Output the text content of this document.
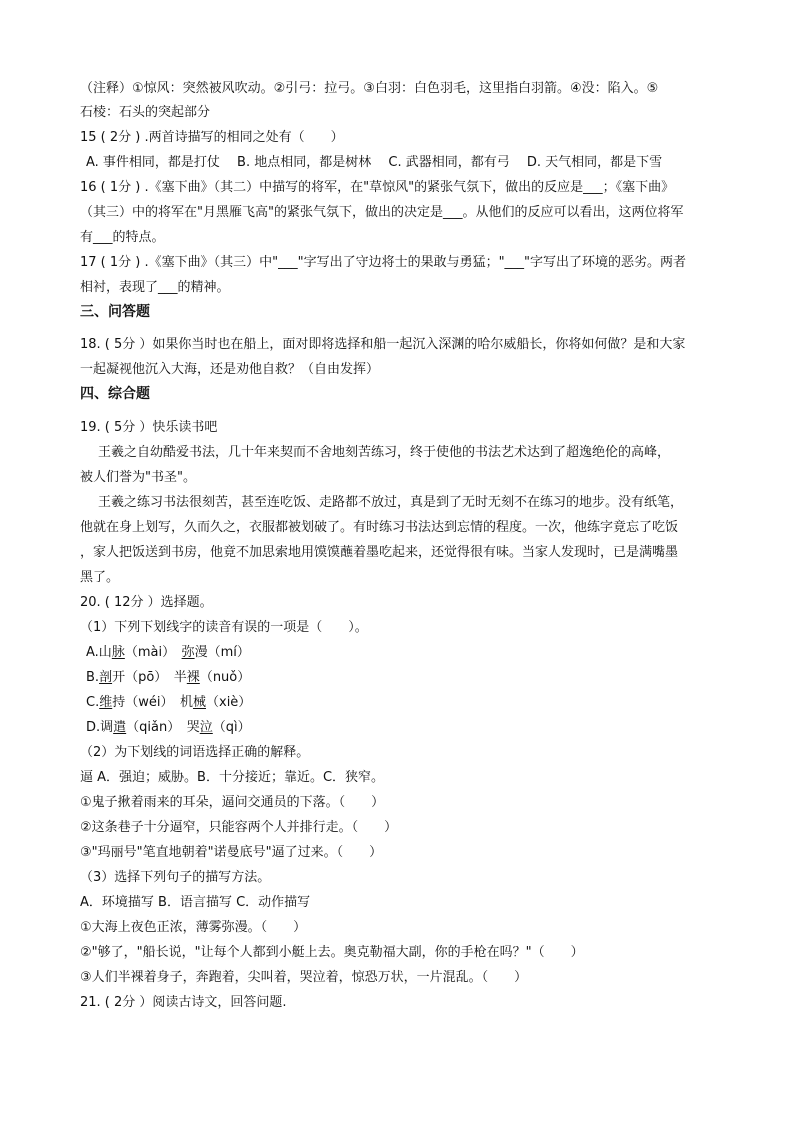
（注释）①惊风：突然被风吹动。②引弓：拉弓。③白羽：白色羽毛，这里指白羽箭。④没：陷入。⑤
石棱：石头的突起部分
15 ( 2分 ) .两首诗描写的相同之处有（　　）
A. 事件相同，都是打仗　 B. 地点相同，都是树林　 C. 武器相同，都有弓　 D. 天气相同，都是下雪
16 ( 1分 ) .《塞下曲》（其二）中描写的将军，在"草惊风"的紧张气氛下，做出的反应是___；《塞下曲》
（其三）中的将军在"月黑雁飞高"的紧张气氛下，做出的决定是___。从他们的反应可以看出，这两位将军
有___的特点。
17 ( 1分 ) .《塞下曲》（其三）中"___"字写出了守边将士的果敢与勇猛；"___"字写出了环境的恶劣。两者
相衬，表现了___的精神。
三、问答题
18. ( 5分 ）如果你当时也在船上，面对即将选择和船一起沉入深渊的哈尔威船长，你将如何做？是和大家
一起凝视他沉入大海，还是劝他自救？（自由发挥）
四、综合题
19. ( 5分 ）快乐读书吧
王羲之自幼酷爱书法，几十年来契而不舍地刻苦练习，终于使他的书法艺术达到了超逸绝伦的高峰，
被人们誉为"书圣"。
王羲之练习书法很刻苦，甚至连吃饭、走路都不放过，真是到了无时无刻不在练习的地步。没有纸笔，
他就在身上划写，久而久之，衣服都被划破了。有时练习书法达到忘情的程度。一次，他练字竟忘了吃饭
，家人把饭送到书房，他竟不加思索地用馍馍蘸着墨吃起来，还觉得很有味。当家人发现时，已是满嘴墨
黑了。
20. ( 12分 ）选择题。
（1）下列下划线字的读音有误的一项是（　　）。
A.山脉（mài）　弥漫（mí）
B.剖开（pō）　半裸（nuǒ）
C.维持（wéi）　机械（xiè）
D.调遣（qiǎn）　哭泣（qì）
（2）为下划线的词语选择正确的解释。
逼 A．强迫；威胁。B．十分接近；靠近。C．狭窄。
①鬼子揪着雨来的耳朵，逼问交通员的下落。（　　）
②这条巷子十分逼窄，只能容两个人并排行走。（　　）
③"玛丽号"笔直地朝着"诺曼底号"逼了过来。（　　）
（3）选择下列句子的描写方法。
A．环境描写 B．语言描写 C．动作描写
①大海上夜色正浓，薄雾弥漫。（　　）
②"够了，"船长说，"让每个人都到小艇上去。奥克勒福大副，你的手枪在吗？"（　　）
③人们半裸着身子，奔跑着，尖叫着，哭泣着，惊恐万状，一片混乱。（　　）
21. ( 2分 ）阅读古诗文，回答问题.
